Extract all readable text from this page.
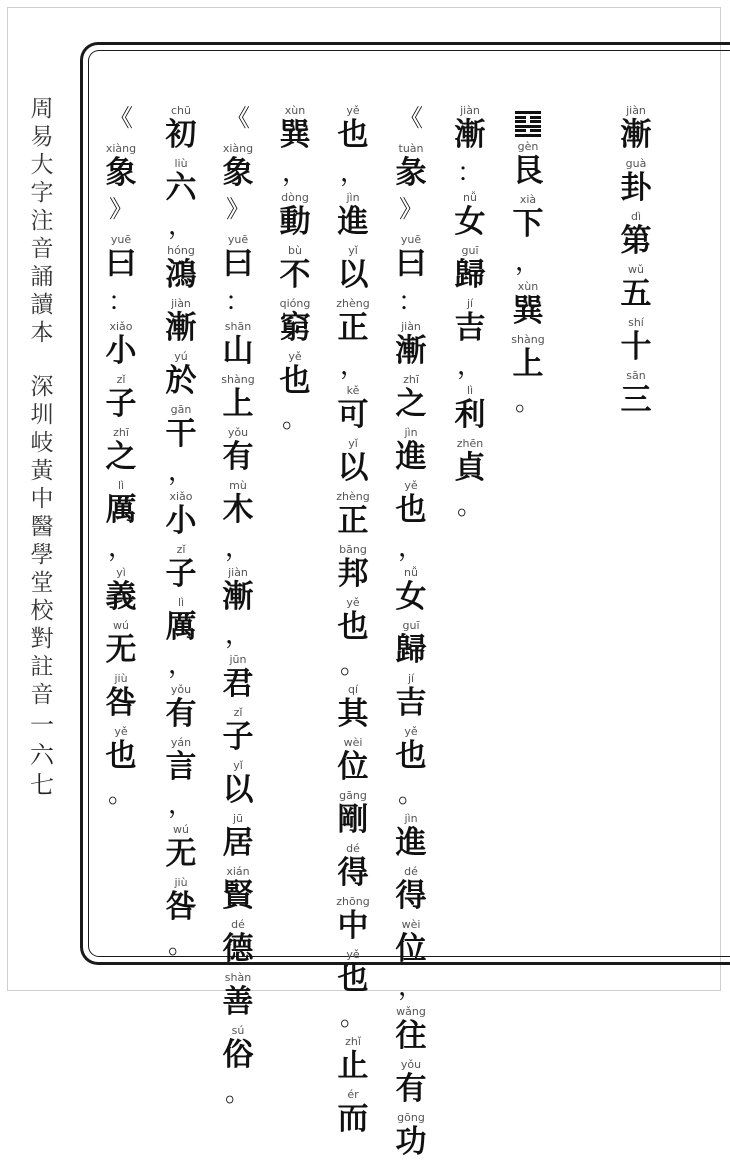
周
易
大
字
注
音
誦
讀
本
深
圳
岐
黃
中
醫
學
堂
校
對
註
音
一
六
七
jiàn
漸
guà
卦
dì
第
wǔ
五
shí
十
sān
三
gèn
艮
xià
下
，
xùn
巽
shàng
上
。
jiàn
漸
：
nǚ
女
guī
歸
jí
吉
，
lì
利
zhēn
貞
。
《
tuàn
彖
》
yuē
曰
：
jiàn
漸
zhī
之
jìn
進
yě
也
，
nǚ
女
guī
歸
jí
吉
yě
也
。
jìn
進
dé
得
wèi
位
，
wǎng
往
yǒu
有
gōng
功
yě
也
，
jìn
進
yǐ
以
zhèng
正
，
kě
可
yǐ
以
zhèng
正
bāng
邦
yě
也
。
qí
其
wèi
位
gāng
剛
dé
得
zhōng
中
yě
也
。
zhǐ
止
ér
而
xùn
巽
，
dòng
動
bù
不
qióng
窮
yě
也
。
《
xiàng
象
》
yuē
曰
：
shān
山
shàng
上
yǒu
有
mù
木
，
jiàn
漸
，
jūn
君
zǐ
子
yǐ
以
jū
居
xián
賢
dé
德
shàn
善
sú
俗
。
chū
初
liù
六
，
hóng
鴻
jiàn
漸
yú
於
gān
干
，
xiǎo
小
zǐ
子
lì
厲
，
yǒu
有
yán
言
，
wú
无
jiù
咎
。
《
xiàng
象
》
yuē
曰
：
xiǎo
小
zǐ
子
zhī
之
lì
厲
，
yì
義
wú
无
jiù
咎
yě
也
。
